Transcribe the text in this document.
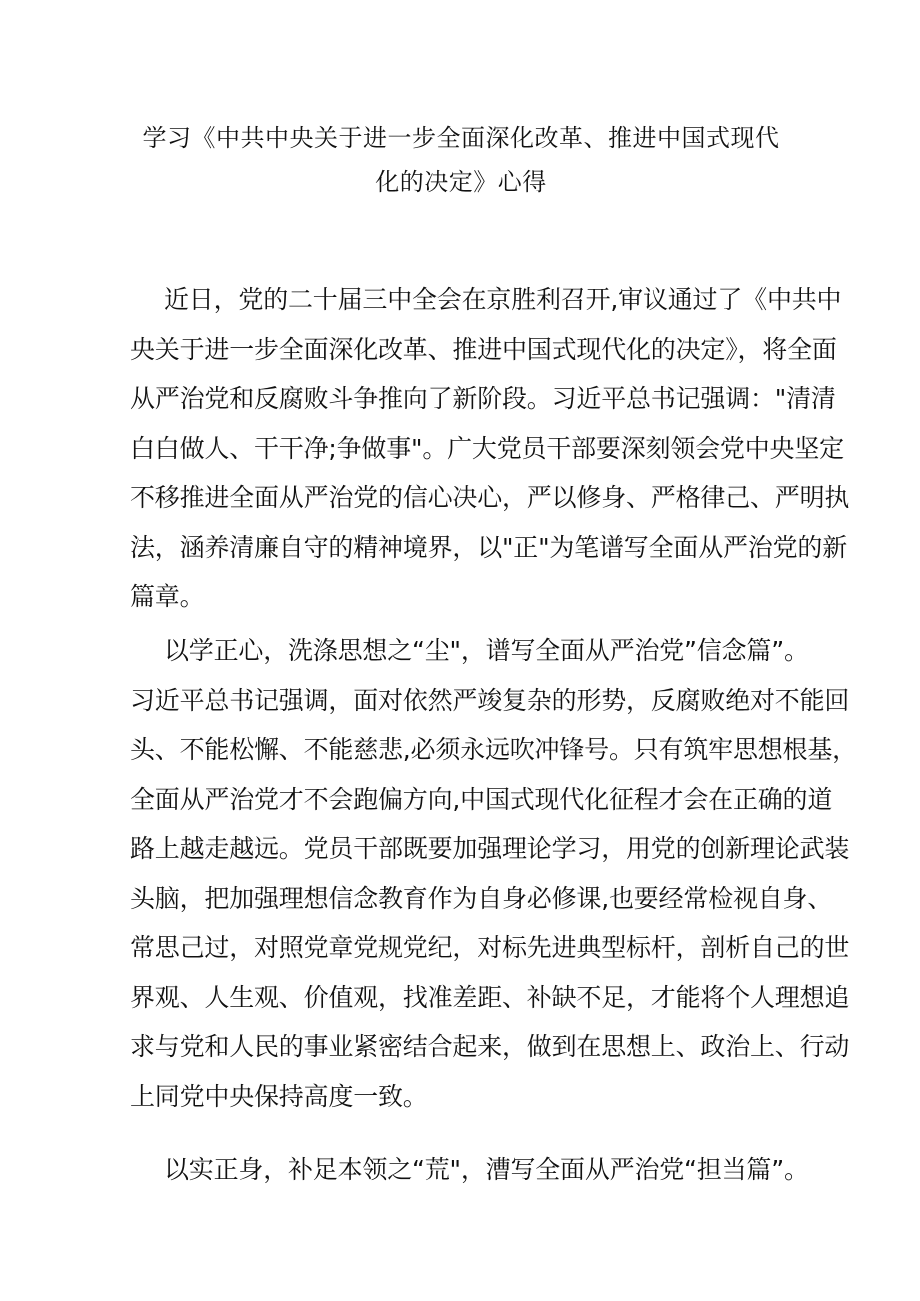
学习《中共中央关于进一步全面深化改革、推进中国式现代
化的决定》心得
近日，党的二十届三中全会在京胜利召开,审议通过了《中共中
央关于进一步全面深化改革、推进中国式现代化的决定》，将全面
从严治党和反腐败斗争推向了新阶段。习近平总书记强调："清清
白白做人、干干净;争做事"。广大党员干部要深刻领会党中央坚定
不移推进全面从严治党的信心决心，严以修身、严格律己、严明执
法，涵养清廉自守的精神境界，以"正"为笔谱写全面从严治党的新
篇章。
以学正心，洗涤思想之“尘"，谱写全面从严治党”信念篇”。
习近平总书记强调，面对依然严竣复杂的形势，反腐败绝对不能回
头、不能松懈、不能慈悲,必须永远吹冲锋号。只有筑牢思想根基，
全面从严治党才不会跑偏方向,中国式现代化征程才会在正确的道
路上越走越远。党员干部既要加强理论学习，用党的创新理论武装
头脑，把加强理想信念教育作为自身必修课,也要经常检视自身、
常思己过，对照党章党规党纪，对标先进典型标杆，剖析自己的世
界观、人生观、价值观，找准差距、补缺不足，才能将个人理想追
求与党和人民的事业紧密结合起来，做到在思想上、政治上、行动
上同党中央保持高度一致。
以实正身，补足本领之“荒"，漕写全面从严治党“担当篇”。
